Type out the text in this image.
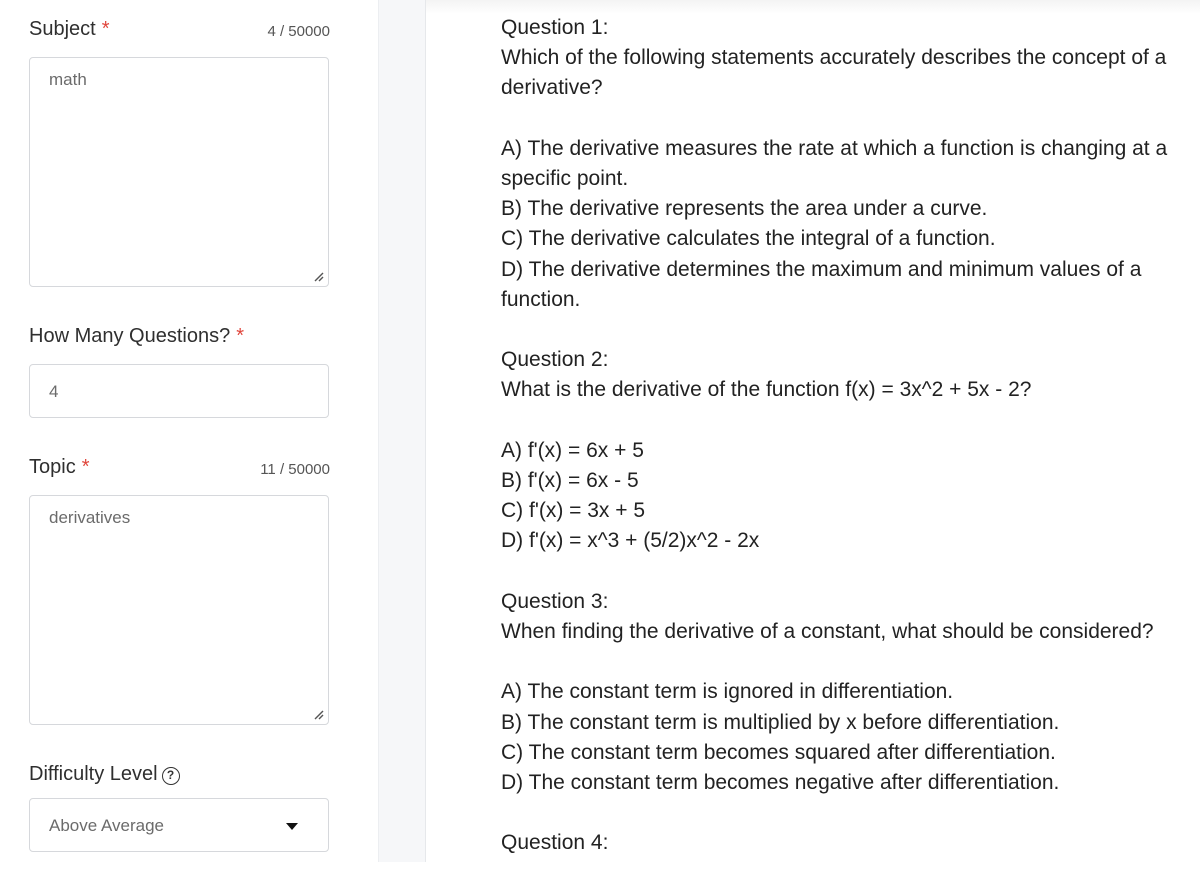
Subject *	4 / 50000
math
How Many Questions? *
4
Topic *	11 / 50000
derivatives
Difficulty Level ?
Above Average
Question 1:
Which of the following statements accurately describes the concept of a derivative?
A) The derivative measures the rate at which a function is changing at a specific point.
B) The derivative represents the area under a curve.
C) The derivative calculates the integral of a function.
D) The derivative determines the maximum and minimum values of a function.
Question 2:
What is the derivative of the function f(x) = 3x^2 + 5x - 2?
A) f'(x) = 6x + 5
B) f'(x) = 6x - 5
C) f'(x) = 3x + 5
D) f'(x) = x^3 + (5/2)x^2 - 2x
Question 3:
When finding the derivative of a constant, what should be considered?
A) The constant term is ignored in differentiation.
B) The constant term is multiplied by x before differentiation.
C) The constant term becomes squared after differentiation.
D) The constant term becomes negative after differentiation.
Question 4:
